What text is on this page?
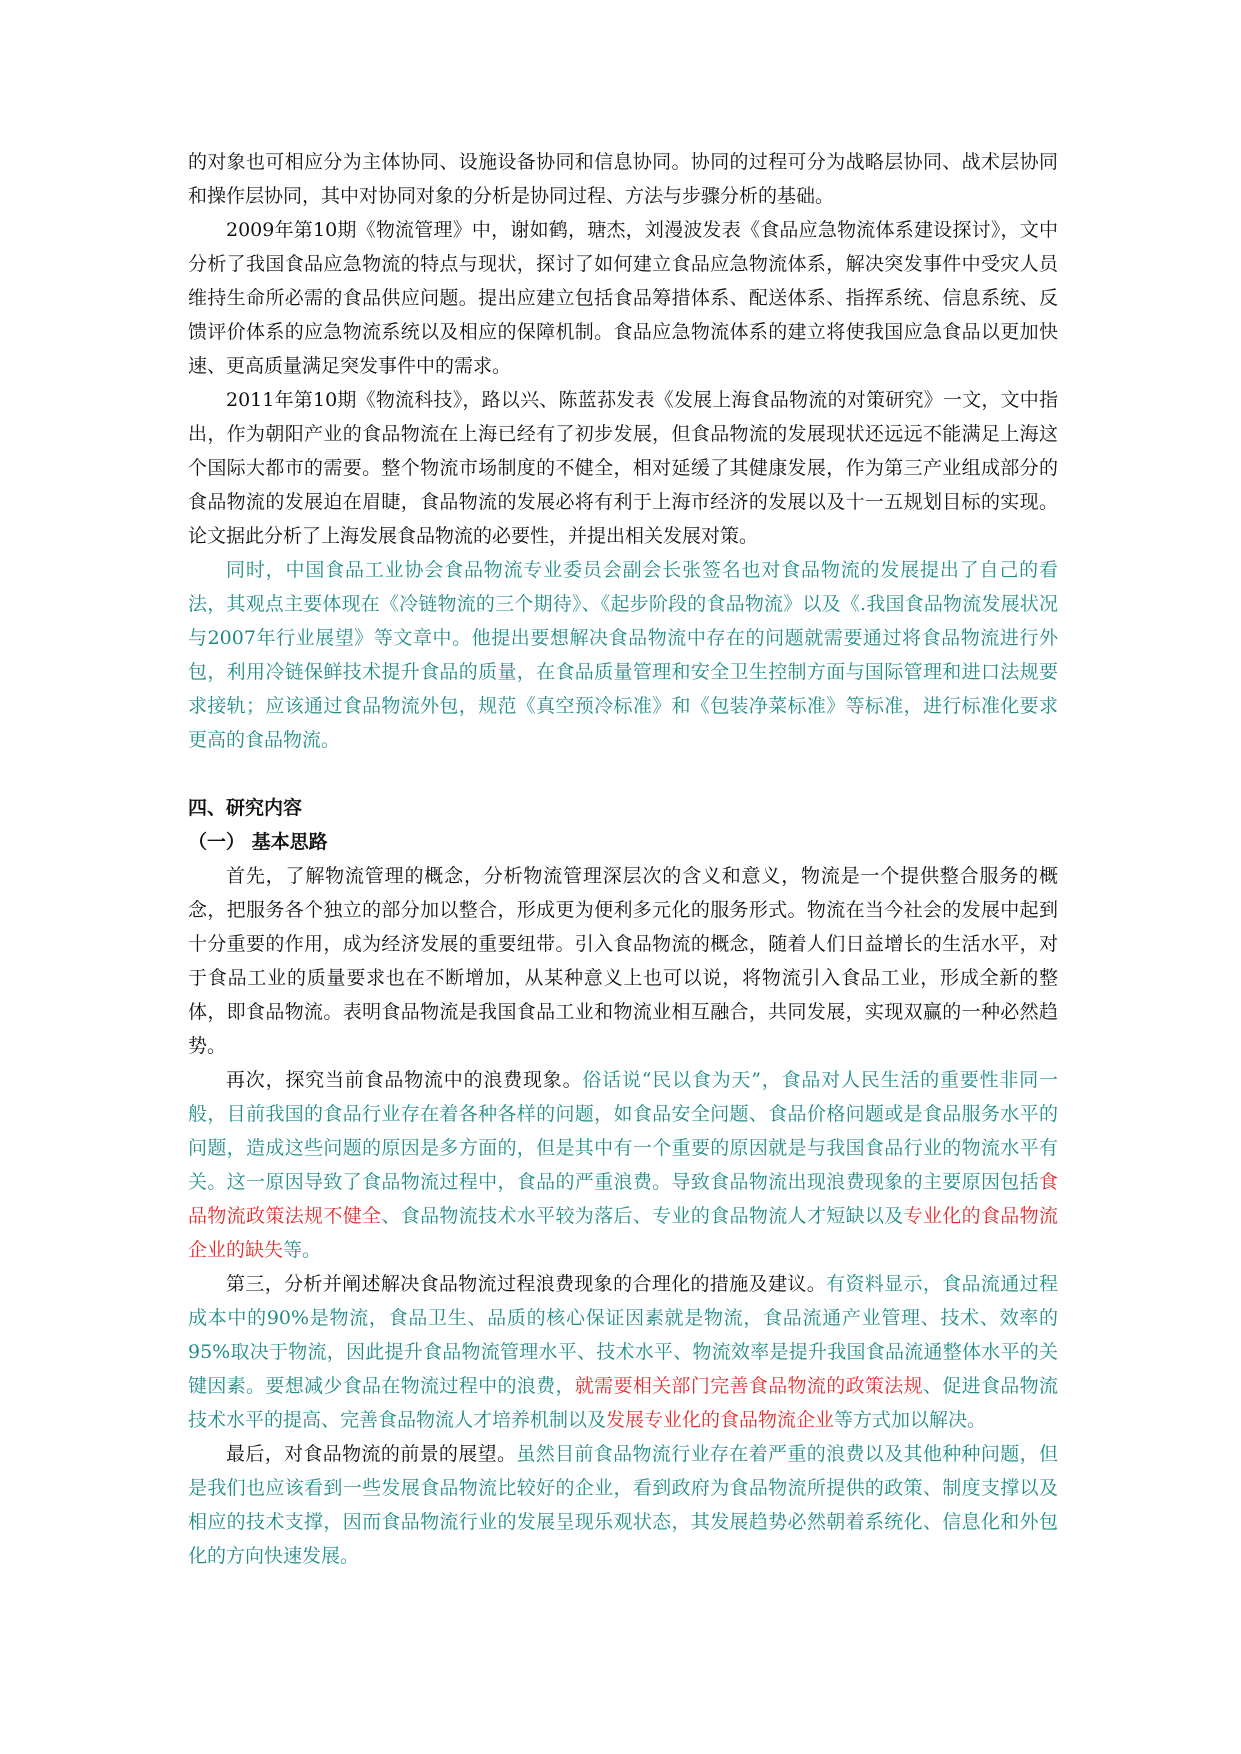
的对象也可相应分为主体协同、设施设备协同和信息协同。协同的过程可分为战略层协同、战术层协同和操作层协同，其中对协同对象的分析是协同过程、方法与步骤分析的基础。

2009年第10期《物流管理》中，谢如鹤，瑭杰，刘漫波发表《食品应急物流体系建设探讨》，文中分析了我国食品应急物流的特点与现状，探讨了如何建立食品应急物流体系，解决突发事件中受灾人员维持生命所必需的食品供应问题。提出应建立包括食品筹措体系、配送体系、指挥系统、信息系统、反馈评价体系的应急物流系统以及相应的保障机制。食品应急物流体系的建立将使我国应急食品以更加快速、更高质量满足突发事件中的需求。

2011年第10期《物流科技》，路以兴、陈蓝荪发表《发展上海食品物流的对策研究》一文，文中指出，作为朝阳产业的食品物流在上海已经有了初步发展，但食品物流的发展现状还远远不能满足上海这个国际大都市的需要。整个物流市场制度的不健全，相对延缓了其健康发展，作为第三产业组成部分的食品物流的发展迫在眉睫，食品物流的发展必将有利于上海市经济的发展以及十一五规划目标的实现。论文据此分析了上海发展食品物流的必要性，并提出相关发展对策。

同时，中国食品工业协会食品物流专业委员会副会长张签名也对食品物流的发展提出了自己的看法，其观点主要体现在《冷链物流的三个期待》、《起步阶段的食品物流》以及《.我国食品物流发展状况与2007年行业展望》等文章中。他提出要想解决食品物流中存在的问题就需要通过将食品物流进行外包，利用冷链保鲜技术提升食品的质量，在食品质量管理和安全卫生控制方面与国际管理和进口法规要求接轨；应该通过食品物流外包，规范《真空预冷标准》和《包装净菜标准》等标准，进行标准化要求更高的食品物流。

四、研究内容
（一） 基本思路

首先，了解物流管理的概念，分析物流管理深层次的含义和意义，物流是一个提供整合服务的概念，把服务各个独立的部分加以整合，形成更为便利多元化的服务形式。物流在当今社会的发展中起到十分重要的作用，成为经济发展的重要纽带。引入食品物流的概念，随着人们日益增长的生活水平，对于食品工业的质量要求也在不断增加，从某种意义上也可以说，将物流引入食品工业，形成全新的整体，即食品物流。表明食品物流是我国食品工业和物流业相互融合，共同发展，实现双赢的一种必然趋势。

再次，探究当前食品物流中的浪费现象。俗话说“民以食为天”，食品对人民生活的重要性非同一般，目前我国的食品行业存在着各种各样的问题，如食品安全问题、食品价格问题或是食品服务水平的问题，造成这些问题的原因是多方面的，但是其中有一个重要的原因就是与我国食品行业的物流水平有关。这一原因导致了食品物流过程中，食品的严重浪费。导致食品物流出现浪费现象的主要原因包括食品物流政策法规不健全、食品物流技术水平较为落后、专业的食品物流人才短缺以及专业化的食品物流企业的缺失等。

第三，分析并阐述解决食品物流过程浪费现象的合理化的措施及建议。有资料显示，食品流通过程成本中的90%是物流，食品卫生、品质的核心保证因素就是物流，食品流通产业管理、技术、效率的95%取决于物流，因此提升食品物流管理水平、技术水平、物流效率是提升我国食品流通整体水平的关键因素。要想减少食品在物流过程中的浪费，就需要相关部门完善食品物流的政策法规、促进食品物流技术水平的提高、完善食品物流人才培养机制以及发展专业化的食品物流企业等方式加以解决。

最后，对食品物流的前景的展望。虽然目前食品物流行业存在着严重的浪费以及其他种种问题，但是我们也应该看到一些发展食品物流比较好的企业，看到政府为食品物流所提供的政策、制度支撑以及相应的技术支撑，因而食品物流行业的发展呈现乐观状态，其发展趋势必然朝着系统化、信息化和外包化的方向快速发展。
